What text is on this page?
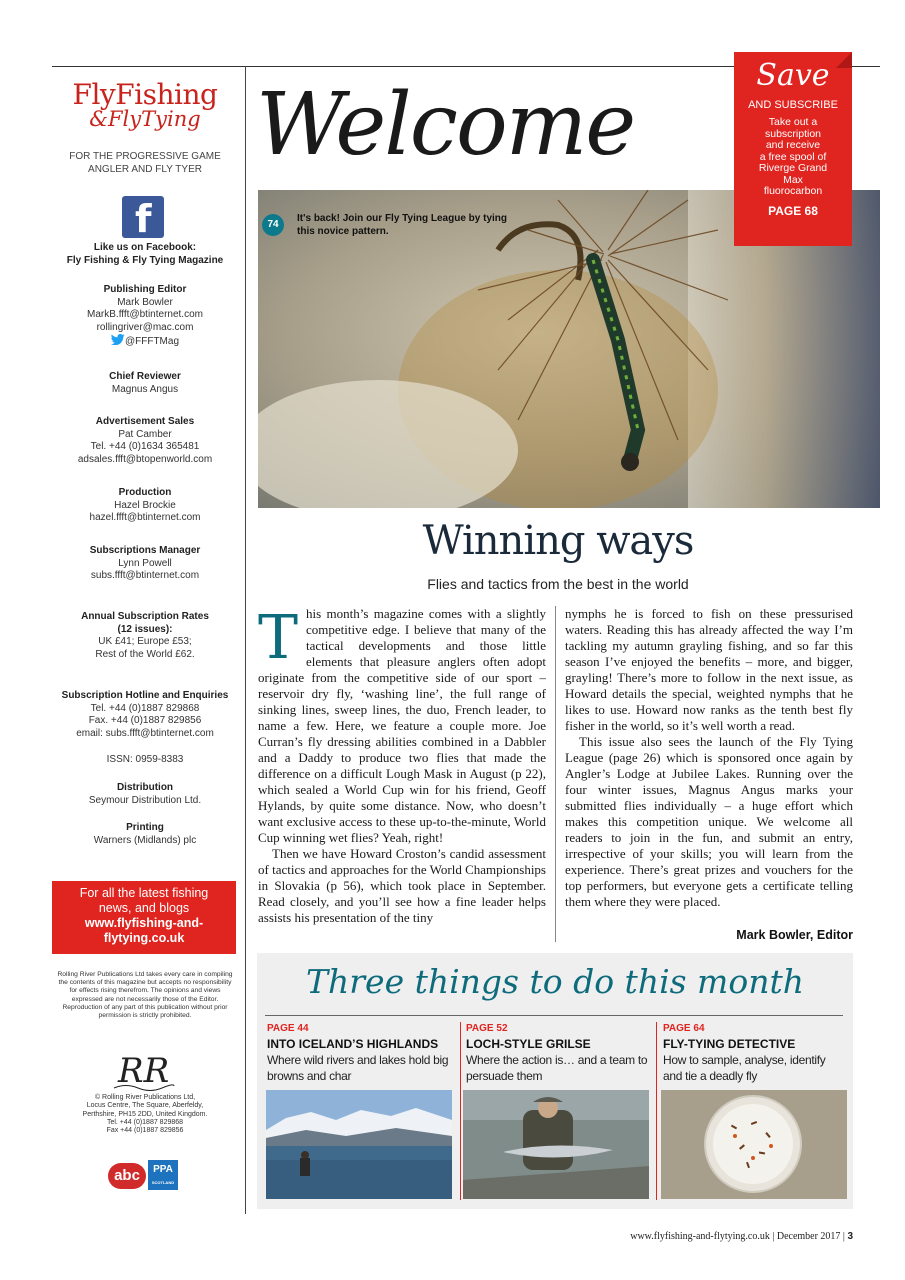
FlyFishing
&FlyTying
FOR THE PROGRESSIVE GAME
ANGLER AND FLY TYER
f
Like us on Facebook:
Fly Fishing & Fly Tying Magazine
Publishing Editor
Mark Bowler
MarkB.ffft@btinternet.com
rollingriver@mac.com
@FFFTMag
Chief Reviewer
Magnus Angus
Advertisement Sales
Pat Camber
Tel. +44 (0)1634 365481
adsales.ffft@btopenworld.com
Production
Hazel Brockie
hazel.ffft@btinternet.com
Subscriptions Manager
Lynn Powell
subs.ffft@btinternet.com
Annual Subscription Rates
(12 issues):
UK £41; Europe £53;
Rest of the World £62.
Subscription Hotline and Enquiries
Tel. +44 (0)1887 829868
Fax. +44 (0)1887 829856
email: subs.ffft@btinternet.com
ISSN: 0959-8383
Distribution
Seymour Distribution Ltd.
Printing
Warners (Midlands) plc
For all the latest fishing
news, and blogs
www.flyfishing-and-
flytying.co.uk
Rolling River Publications Ltd takes every care in compiling the contents of this magazine but accepts no responsibility for effects rising therefrom. The opinions and views expressed are not necessarily those of the Editor. Reproduction of any part of this publication without prior permission is strictly prohibited.
RR
© Rolling River Publications Ltd,
Locus Centre, The Square, Aberfeldy,
Perthshire, PH15 2DD, United Kingdom.
Tel. +44 (0)1887 829868
Fax +44 (0)1887 829856
abc	PPA
SCOTLAND
Welcome
74
It's back! Join our Fly Tying League by tying this novice pattern.
Save
AND SUBSCRIBE
Take out a
subscription
and receive
a free spool of
Riverge Grand
Max
fluorocarbon
PAGE 68
Winning ways
Flies and tactics from the best in the world
T his month’s magazine comes with a slightly competitive edge. I believe that many of the tactical developments and those little elements that pleasure anglers often adopt originate from the competitive side of our sport – reservoir dry fly, ‘washing line’, the full range of sinking lines, sweep lines, the duo, French leader, to name a few. Here, we feature a couple more. Joe Curran’s fly dressing abilities combined in a Dabbler and a Daddy to produce two flies that made the difference on a difficult Lough Mask in August (p 22), which sealed a World Cup win for his friend, Geoff Hylands, by quite some distance. Now, who doesn’t want exclusive access to these up-to-the-minute, World Cup winning wet flies? Yeah, right!

Then we have Howard Croston’s candid assessment of tactics and approaches for the World Championships in Slovakia (p 56), which took place in September. Read closely, and you’ll see how a fine leader helps assists his presentation of the tiny

nymphs he is forced to fish on these pressurised waters. Reading this has already affected the way I’m tackling my autumn grayling fishing, and so far this season I’ve enjoyed the benefits – more, and bigger, grayling! There’s more to follow in the next issue, as Howard details the special, weighted nymphs that he likes to use. Howard now ranks as the tenth best fly fisher in the world, so it’s well worth a read.

This issue also sees the launch of the Fly Tying League (page 26) which is sponsored once again by Angler’s Lodge at Jubilee Lakes. Running over the four winter issues, Magnus Angus marks your submitted flies individually – a huge effort which makes this competition unique. We welcome all readers to join in the fun, and submit an entry, irrespective of your skills; you will learn from the experience. There’s great prizes and vouchers for the top performers, but everyone gets a certificate telling them where they were placed.

Mark Bowler, Editor
Three things to do this month
PAGE 44
INTO ICELAND’S HIGHLANDS
Where wild rivers and lakes hold big browns and char
PAGE 52
LOCH-STYLE GRILSE
Where the action is… and a team to persuade them
PAGE 64
FLY-TYING DETECTIVE
How to sample, analyse, identify and tie a deadly fly
www.flyfishing-and-flytying.co.uk | December 2017 | 3
